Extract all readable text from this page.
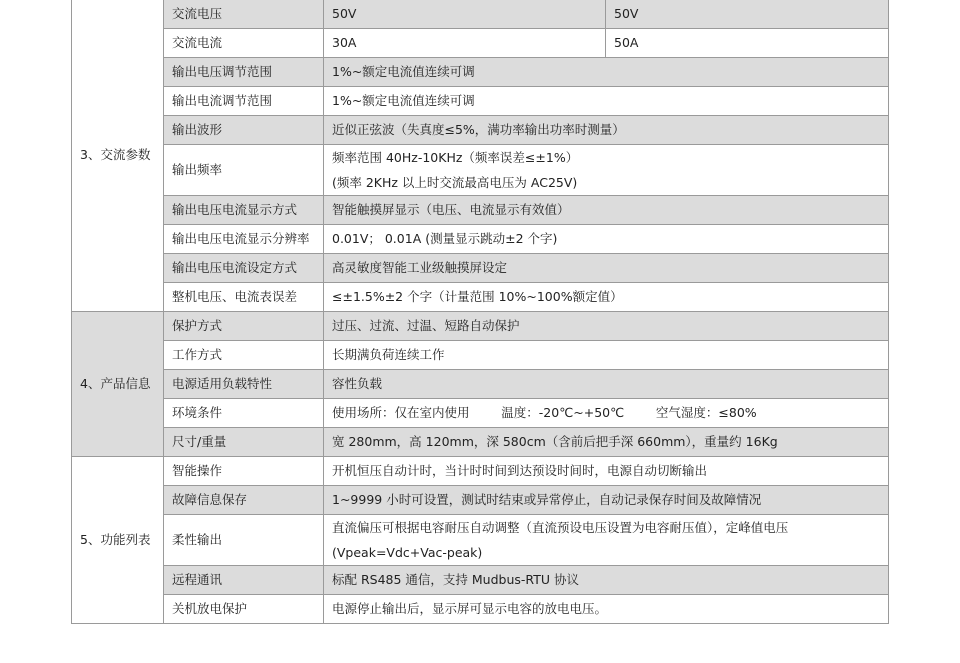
3、交流参数	交流电压	50V	50V
	交流电流	30A	50A
	输出电压调节范围	1%~额定电流值连续可调	
	输出电流调节范围	1%~额定电流值连续可调	
	输出波形	近似正弦波（失真度≤5%，满功率输出功率时测量）	
	输出频率	频率范围 40Hz-10KHz（频率误差≤±1%）
(频率 2KHz 以上时交流最高电压为 AC25V)	

	输出电压电流显示方式	智能触摸屏显示（电压、电流显示有效值）	
	输出电压电流显示分辨率	0.01V； 0.01A (测量显示跳动±2 个字)	
	输出电压电流设定方式	高灵敏度智能工业级触摸屏设定	
	整机电压、电流表误差	≤±1.5%±2 个字（计量范围 10%~100%额定值）	
4、产品信息	保护方式	过压、过流、过温、短路自动保护	
	工作方式	长期满负荷连续工作	
	电源适用负载特性	容性负载	
	环境条件	使用场所：仅在室内使用        温度：-20℃~+50℃        空气湿度：≤80%	
	尺寸/重量	宽 280mm，高 120mm，深 580cm（含前后把手深 660mm），重量约 16Kg	
5、功能列表	智能操作	开机恒压自动计时，当计时时间到达预设时间时，电源自动切断输出	
	故障信息保存	1~9999 小时可设置，测试时结束或异常停止，自动记录保存时间及故障情况	
	柔性输出	直流偏压可根据电容耐压自动调整（直流预设电压设置为电容耐压值），定峰值电压
(Vpeak=Vdc+Vac-peak)	

	远程通讯	标配 RS485 通信，支持 Mudbus-RTU 协议	
	关机放电保护	电源停止输出后，显示屏可显示电容的放电电压。	
